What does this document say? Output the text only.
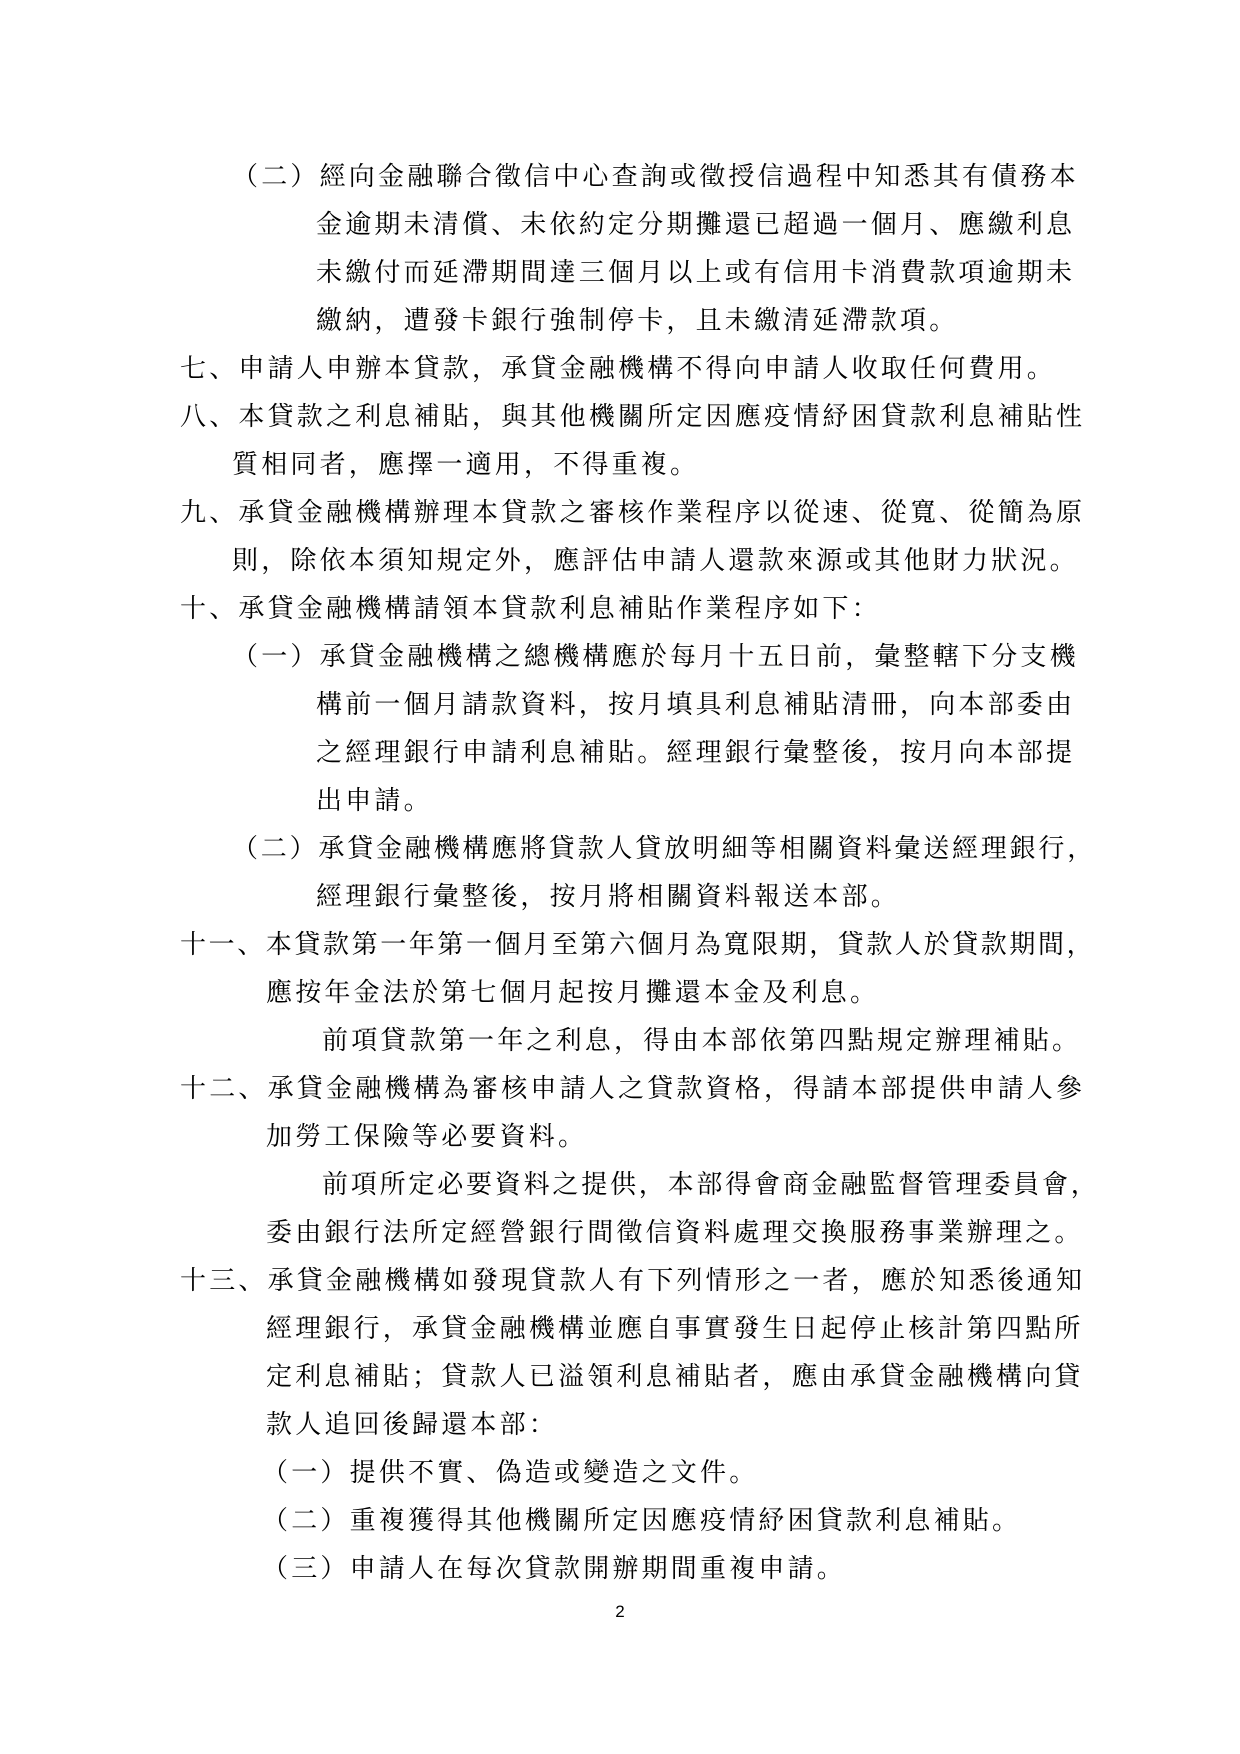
（二）經向金融聯合徵信中心查詢或徵授信過程中知悉其有債務本
金逾期未清償、未依約定分期攤還已超過一個月、應繳利息
未繳付而延滯期間達三個月以上或有信用卡消費款項逾期未
繳納，遭發卡銀行強制停卡，且未繳清延滯款項。
七、申請人申辦本貸款，承貸金融機構不得向申請人收取任何費用。
八、本貸款之利息補貼，與其他機關所定因應疫情紓困貸款利息補貼性
質相同者，應擇一適用，不得重複。
九、承貸金融機構辦理本貸款之審核作業程序以從速、從寬、從簡為原
則，除依本須知規定外，應評估申請人還款來源或其他財力狀況。
十、承貸金融機構請領本貸款利息補貼作業程序如下：
（一）承貸金融機構之總機構應於每月十五日前，彙整轄下分支機
構前一個月請款資料，按月填具利息補貼清冊，向本部委由
之經理銀行申請利息補貼。經理銀行彙整後，按月向本部提
出申請。
（二）承貸金融機構應將貸款人貸放明細等相關資料彙送經理銀行，
經理銀行彙整後，按月將相關資料報送本部。
十一、本貸款第一年第一個月至第六個月為寬限期，貸款人於貸款期間，
應按年金法於第七個月起按月攤還本金及利息。
前項貸款第一年之利息，得由本部依第四點規定辦理補貼。
十二、承貸金融機構為審核申請人之貸款資格，得請本部提供申請人參
加勞工保險等必要資料。
前項所定必要資料之提供，本部得會商金融監督管理委員會，
委由銀行法所定經營銀行間徵信資料處理交換服務事業辦理之。
十三、承貸金融機構如發現貸款人有下列情形之一者，應於知悉後通知
經理銀行，承貸金融機構並應自事實發生日起停止核計第四點所
定利息補貼；貸款人已溢領利息補貼者，應由承貸金融機構向貸
款人追回後歸還本部：
（一）提供不實、偽造或變造之文件。
（二）重複獲得其他機關所定因應疫情紓困貸款利息補貼。
（三）申請人在每次貸款開辦期間重複申請。
2
